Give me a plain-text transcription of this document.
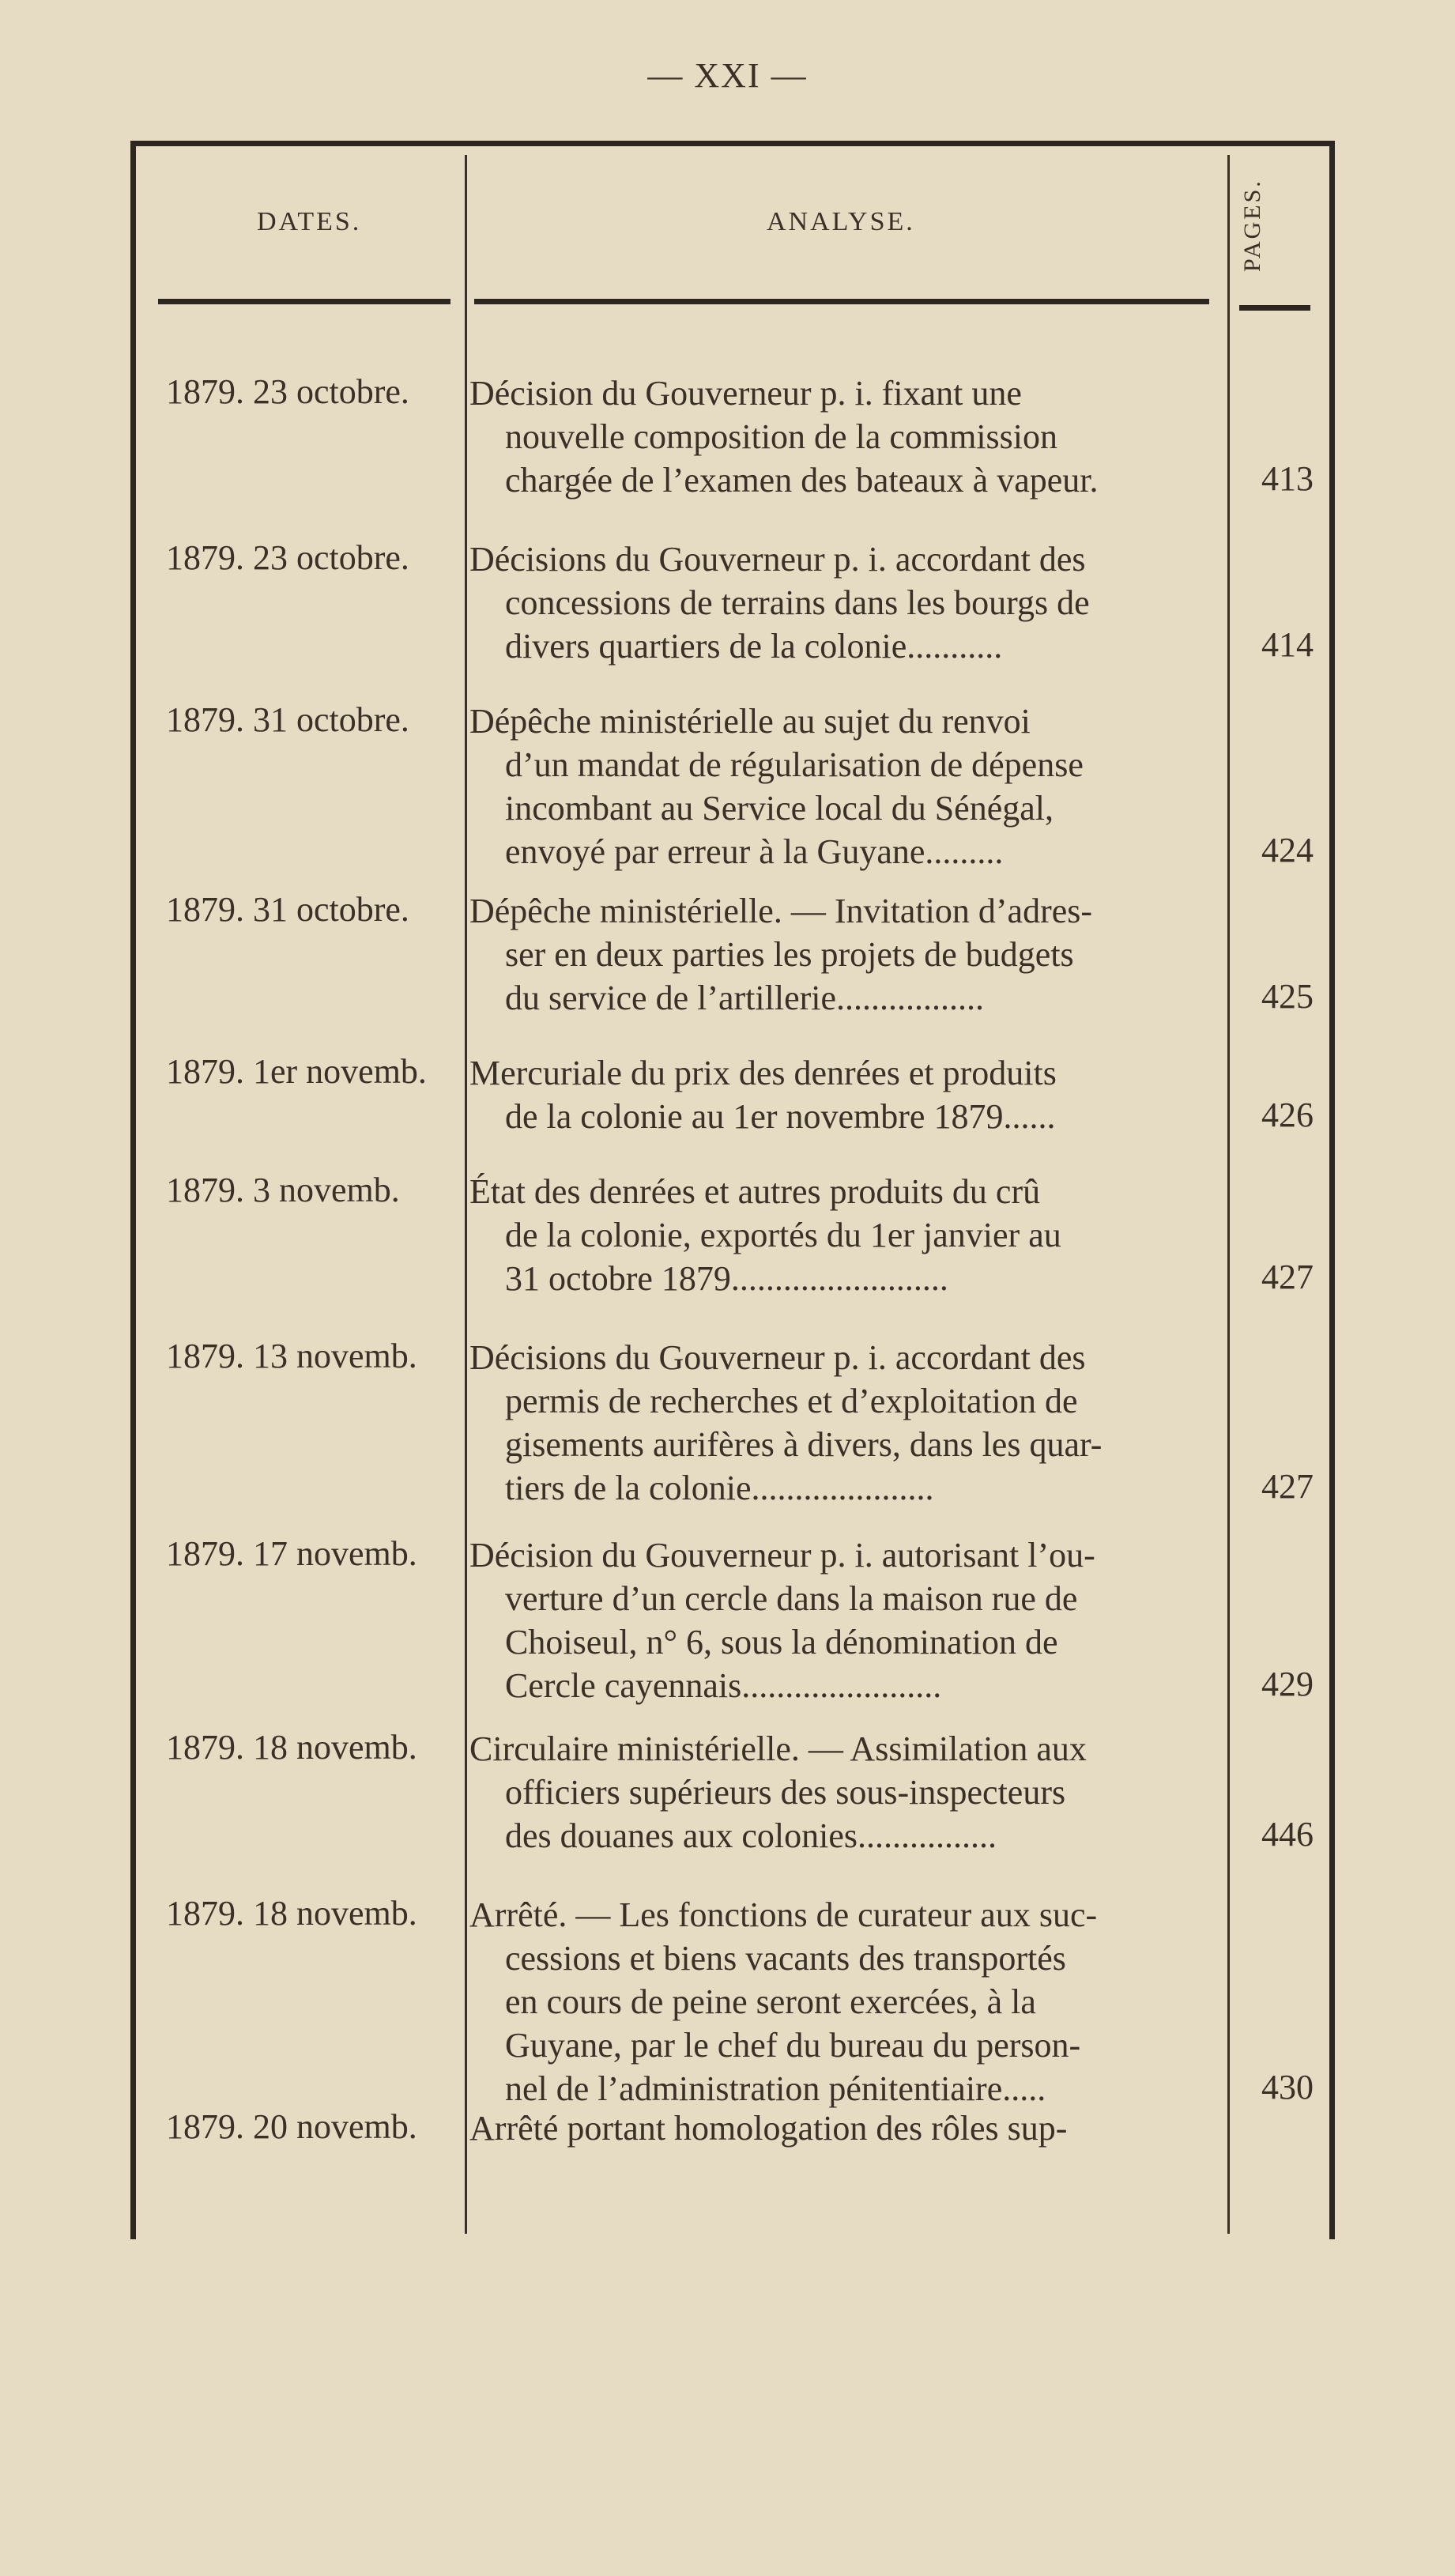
— XXI —
DATES.	ANALYSE.	PAGES.
1879. 23 octobre.	Décision du Gouverneur p. i. fixant une
nouvelle composition de la commission
chargée de l’examen des bateaux à vapeur.	413
1879. 23 octobre.	Décisions du Gouverneur p. i. accordant des
concessions de terrains dans les bourgs de
divers quartiers de la colonie...........	414
1879. 31 octobre.	Dépêche ministérielle au sujet du renvoi
d’un mandat de régularisation de dépense
incombant au Service local du Sénégal,
envoyé par erreur à la Guyane.........	424
1879. 31 octobre.	Dépêche ministérielle. — Invitation d’adres-
ser en deux parties les projets de budgets
du service de l’artillerie.................	425
1879. 1er novemb.	Mercuriale du prix des denrées et produits
de la colonie au 1er novembre 1879......	426
1879. 3 novemb.	État des denrées et autres produits du crû
de la colonie, exportés du 1er janvier au
31 octobre 1879.........................	427
1879. 13 novemb.	Décisions du Gouverneur p. i. accordant des
permis de recherches et d’exploitation de
gisements aurifères à divers, dans les quar-
tiers de la colonie.....................	427
1879. 17 novemb.	Décision du Gouverneur p. i. autorisant l’ou-
verture d’un cercle dans la maison rue de
Choiseul, n° 6, sous la dénomination de
Cercle cayennais.......................	429
1879. 18 novemb.	Circulaire ministérielle. — Assimilation aux
officiers supérieurs des sous-inspecteurs
des douanes aux colonies................	446
1879. 18 novemb.	Arrêté. — Les fonctions de curateur aux suc-
cessions et biens vacants des transportés
en cours de peine seront exercées, à la
Guyane, par le chef du bureau du person-
nel de l’administration pénitentiaire.....	430
1879. 20 novemb.	Arrêté portant homologation des rôles sup-
